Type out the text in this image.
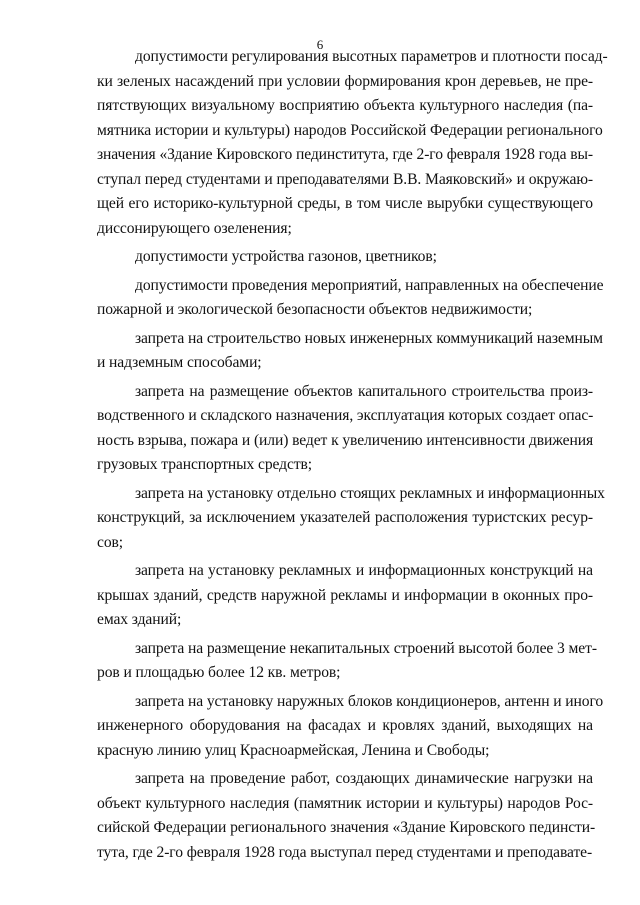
6

допустимости регулирования высотных параметров и плотности посад-
ки зеленых насаждений при условии формирования крон деревьев, не пре-
пятствующих визуальному восприятию объекта культурного наследия (па-
мятника истории и культуры) народов Российской Федерации регионального
значения «Здание Кировского пединститута, где 2-го февраля 1928 года вы-
ступал перед студентами и преподавателями В.В. Маяковский» и окружаю-
щей его историко-культурной среды, в том числе вырубки существующего
диссонирующего озеленения;

допустимости устройства газонов, цветников;

допустимости проведения мероприятий, направленных на обеспечение
пожарной и экологической безопасности объектов недвижимости;

запрета на строительство новых инженерных коммуникаций наземным
и надземным способами;

запрета на размещение объектов капитального строительства произ-
водственного и складского назначения, эксплуатация которых создает опас-
ность взрыва, пожара и (или) ведет к увеличению интенсивности движения
грузовых транспортных средств;

запрета на установку отдельно стоящих рекламных и информационных
конструкций, за исключением указателей расположения туристских ресур-
сов;

запрета на установку рекламных и информационных конструкций на
крышах зданий, средств наружной рекламы и информации в оконных про-
емах зданий;

запрета на размещение некапитальных строений высотой более 3 мет-
ров и площадью более 12 кв. метров;

запрета на установку наружных блоков кондиционеров, антенн и иного
инженерного оборудования на фасадах и кровлях зданий, выходящих на
красную линию улиц Красноармейская, Ленина и Свободы;

запрета на проведение работ, создающих динамические нагрузки на
объект культурного наследия (памятник истории и культуры) народов Рос-
сийской Федерации регионального значения «Здание Кировского пединсти-
тута, где 2-го февраля 1928 года выступал перед студентами и преподавате-
